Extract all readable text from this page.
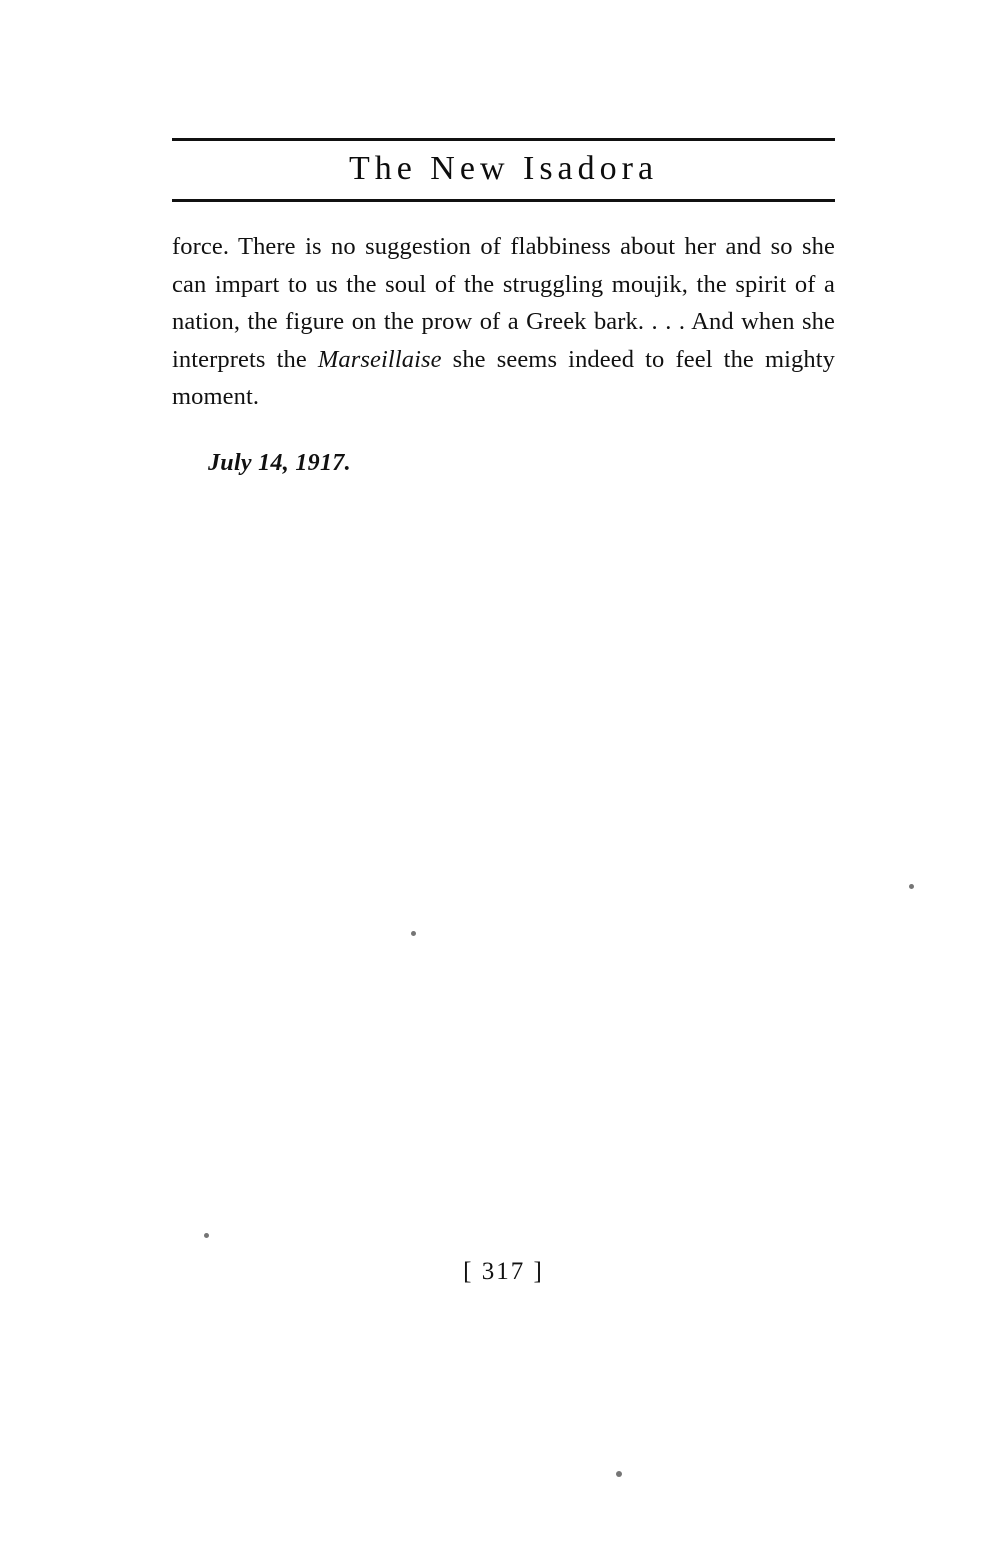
The New Isadora

force. There is no suggestion of flabbiness about her and so she can impart to us the soul of the struggling moujik, the spirit of a nation, the figure on the prow of a Greek bark. . . . And when she interprets the Marseillaise she seems indeed to feel the mighty moment.

July 14, 1917.

[ 317 ]
